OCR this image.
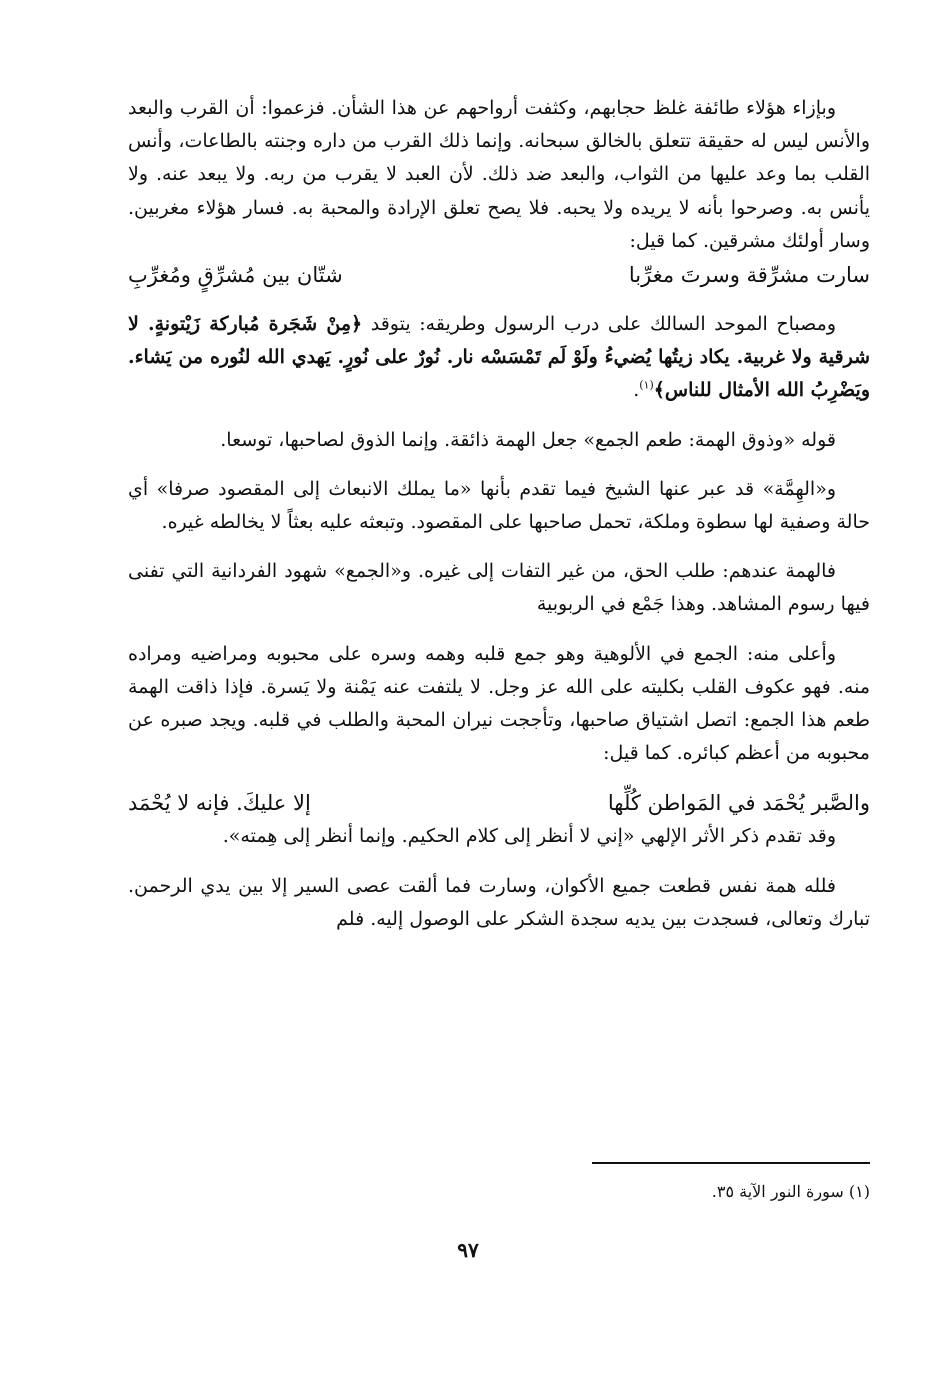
وبإزاء هؤلاء طائفة غلظ حجابهم، وكثفت أرواحهم عن هذا الشأن. فزعموا: أن القرب والبعد والأنس ليس له حقيقة تتعلق بالخالق سبحانه. وإنما ذلك القرب من داره وجنته بالطاعات، وأنس القلب بما وعد عليها من الثواب، والبعد ضد ذلك. لأن العبد لا يقرب من ربه. ولا يبعد عنه. ولا يأنس به. وصرحوا بأنه لا يريده ولا يحبه. فلا يصح تعلق الإرادة والمحبة به. فسار هؤلاء مغربين. وسار أولئك مشرقين. كما قيل:

سارت مشرِّقة وسرتَ مغرِّبا
شتّان بين مُشرِّقٍ ومُغرِّبِ

ومصباح الموحد السالك على درب الرسول وطريقه: يتوقد ﴿مِنْ شَجَرة مُباركة زَيْتونةٍ. لا شرقية ولا غربية. يكاد زيتُها يُضيءُ ولَوْ لَم تَمْسَسْه نار. نُورٌ على نُورٍ. يَهدي الله لنُوره من يَشاء. ويَضْرِبُ الله الأمثال للناس﴾$^{(١)}$.

قوله «وذوق الهمة: طعم الجمع» جعل الهمة ذائقة. وإنما الذوق لصاحبها، توسعا.

و«الهِمَّة» قد عبر عنها الشيخ فيما تقدم بأنها «ما يملك الانبعاث إلى المقصود صرفا» أي حالة وصفية لها سطوة وملكة، تحمل صاحبها على المقصود. وتبعثه عليه بعثاً لا يخالطه غيره.

فالهمة عندهم: طلب الحق، من غير التفات إلى غيره. و«الجمع» شهود الفردانية التي تفنى فيها رسوم المشاهد. وهذا جَمْع في الربوبية

وأعلى منه: الجمع في الألوهية وهو جمع قلبه وهمه وسره على محبوبه ومراضيه ومراده منه. فهو عكوف القلب بكليته على الله عز وجل. لا يلتفت عنه يَمْنة ولا يَسرة. فإذا ذاقت الهمة طعم هذا الجمع: اتصل اشتياق صاحبها، وتأججت نيران المحبة والطلب في قلبه. ويجد صبره عن محبوبه من أعظم كبائره. كما قيل:

والصَّبر يُحْمَد في المَواطن كُلِّها
إلا عليكَ. فإنه لا يُحْمَد

وقد تقدم ذكر الأثر الإلهي «إني لا أنظر إلى كلام الحكيم. وإنما أنظر إلى هِمته».

فلله همة نفس قطعت جميع الأكوان، وسارت فما ألقت عصى السير إلا بين يدي الرحمن. تبارك وتعالى، فسجدت بين يديه سجدة الشكر على الوصول إليه. فلم

(١) سورة النور الآية ٣٥.
٩٧
